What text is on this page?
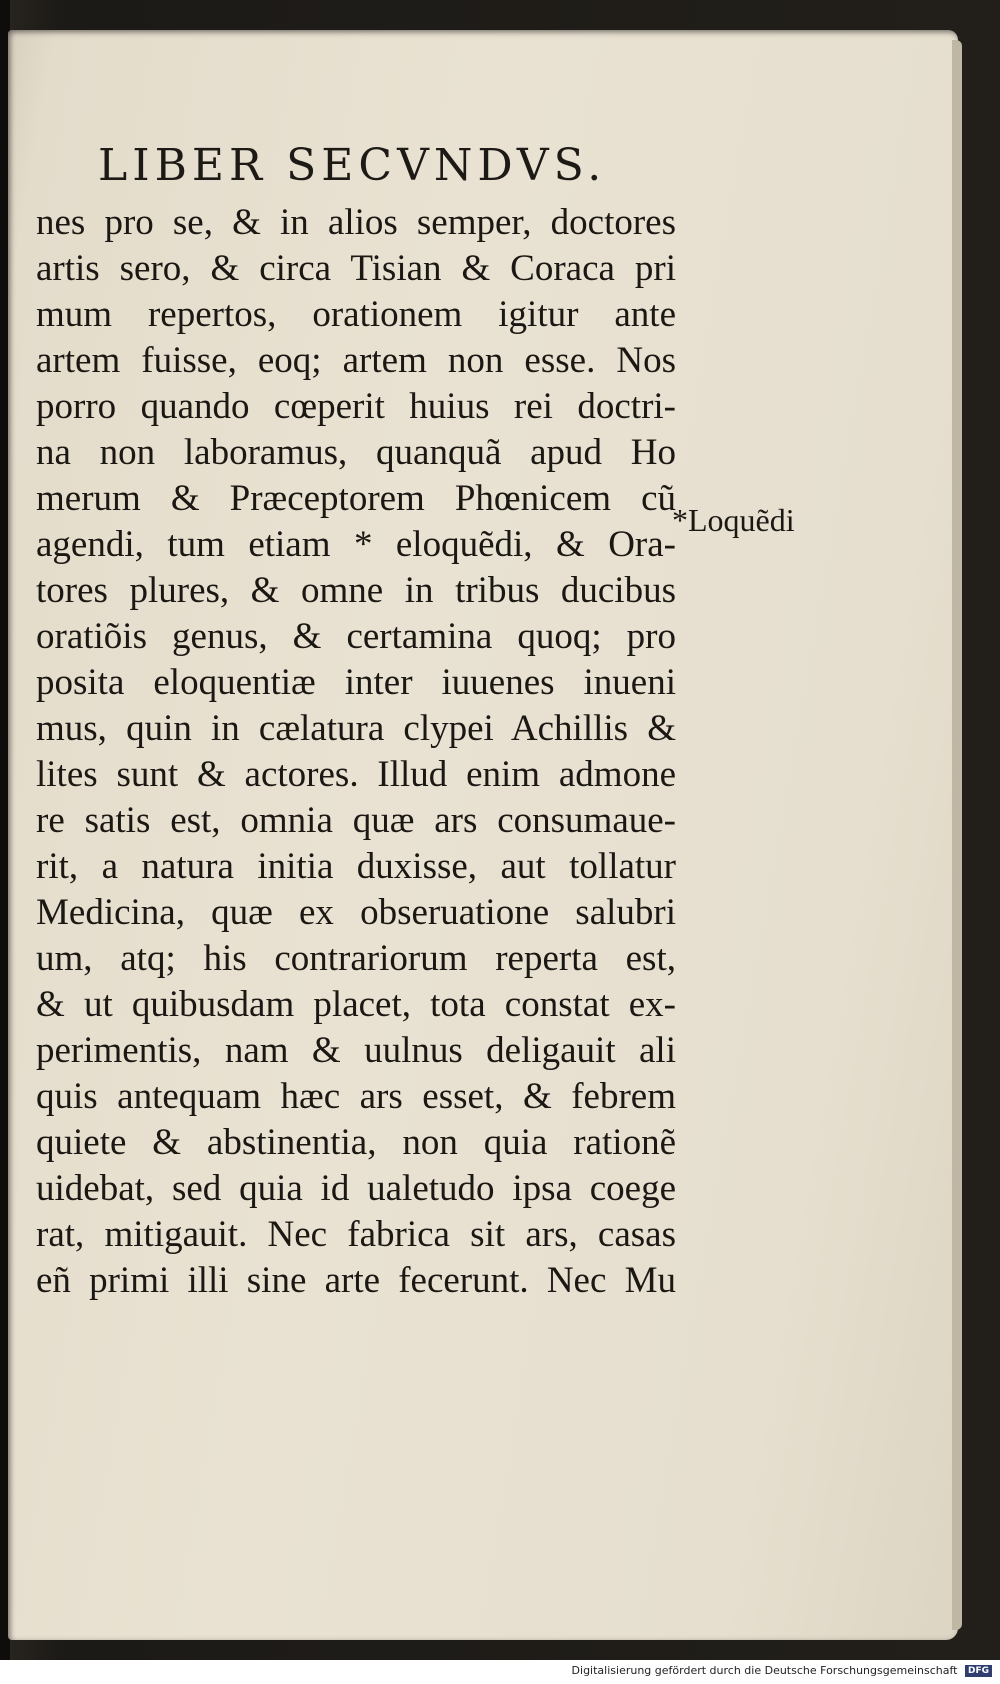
LIBER SECVNDVS.
nes pro se, & in alios semper, doctores
artis sero, & circa Tisian & Coraca pri
mum repertos, orationem igitur ante
artem fuisse, eoq; artem non esse. Nos
porro quando cœperit huius rei doctri-
na non laboramus, quanquã apud Ho
merum & Præceptorem Phœnicem cũ
agendi, tum etiam * eloquẽdi, & Ora-
tores plures, & omne in tribus ducibus
oratiõis genus, & certamina quoq; pro
posita eloquentiæ inter iuuenes inueni
mus, quin in cælatura clypei Achillis &
lites sunt & actores. Illud enim admone
re satis est, omnia quæ ars consumaue-
rit, a natura initia duxisse, aut tollatur
Medicina, quæ ex obseruatione salubri
um, atq; his contrariorum reperta est,
& ut quibusdam placet, tota constat ex-
perimentis, nam & uulnus deligauit ali
quis antequam hæc ars esset, & febrem
quiete & abstinentia, non quia rationẽ
uidebat, sed quia id ualetudo ipsa coege
rat, mitigauit. Nec fabrica sit ars, casas
eñ primi illi sine arte fecerunt. Nec Mu
*Loquẽdi
Digitalisierung gefördert durch die Deutsche Forschungsgemeinschaft DFG
